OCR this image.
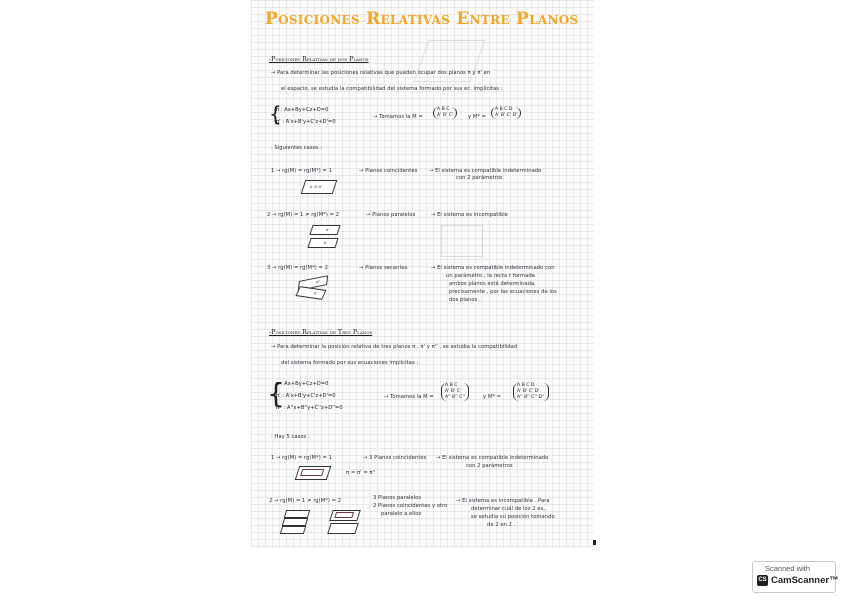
Posiciones Relativas Entre Planos
-Posiciones Relativas de dos Planos
→ Para determinar las posiciones relativas que pueden ocupar dos planos π y π' en
el espacio, se estudia la compatibilidad del sistema formado por sus ec. implícitas :
{
π : Ax+By+Cz+D=0
π' : A'x+B'y+C'z+D'=0
→ Tomamos la M =
A B C
A' B' C'	y M* =
A B C D
A' B' C' D'
· Siguientes casos :
1 → rg(M) = rg(M*) = 1	→ Planos coincidentes → El sistema es compatible indeterminado
con 2 parámetros
π ≡ π'
2 → rg(M) = 1 ≠ rg(M*) = 2	→ Planos paralelos	→ El sistema es incompatible
π'
π
3 → rg(M) = rg(M*) = 2	→ Planos secantes	→ El sistema es compatible indeterminado con
un parámetro ; la recta r formada
ambos planos está determinada,
precisamente , por las ecuaciones de los
dos planos .
π'
π
-Posiciones Relativas de Tres Planos
→ Para determinar la posición relativa de tres planos π , π' y π'' , se estudia la compatibilidad
del sistema formado por sus ecuaciones implícitas :
{
π : Ax+By+Cz+D=0
π' : A'x+B'y+C'z+D'=0
π'' : A''x+B''y+C''z+D''=0
→ Tomamos la M =
A B C
A' B' C'
A'' B'' C''	y M* =
A B C D
A' B' C' D'
A'' B'' C'' D''
· Hay 5 casos :
1 → rg(M) = rg(M*) = 1	→ 3 Planos coincidentes → El sistema es compatible indeterminado
con 2 parámetros
π = π' = π''
2 → rg(M) = 1 ≠ rg(M*) = 2	3 Planos paralelos
2 Planos coincidentes y otro
paralelo a ellos
→ El sistema es incompatible . Para
determinar cuál de los 2 es,
se estudia su posición tomando
de 2 en 2 .
Scanned with
CS CamScanner™
